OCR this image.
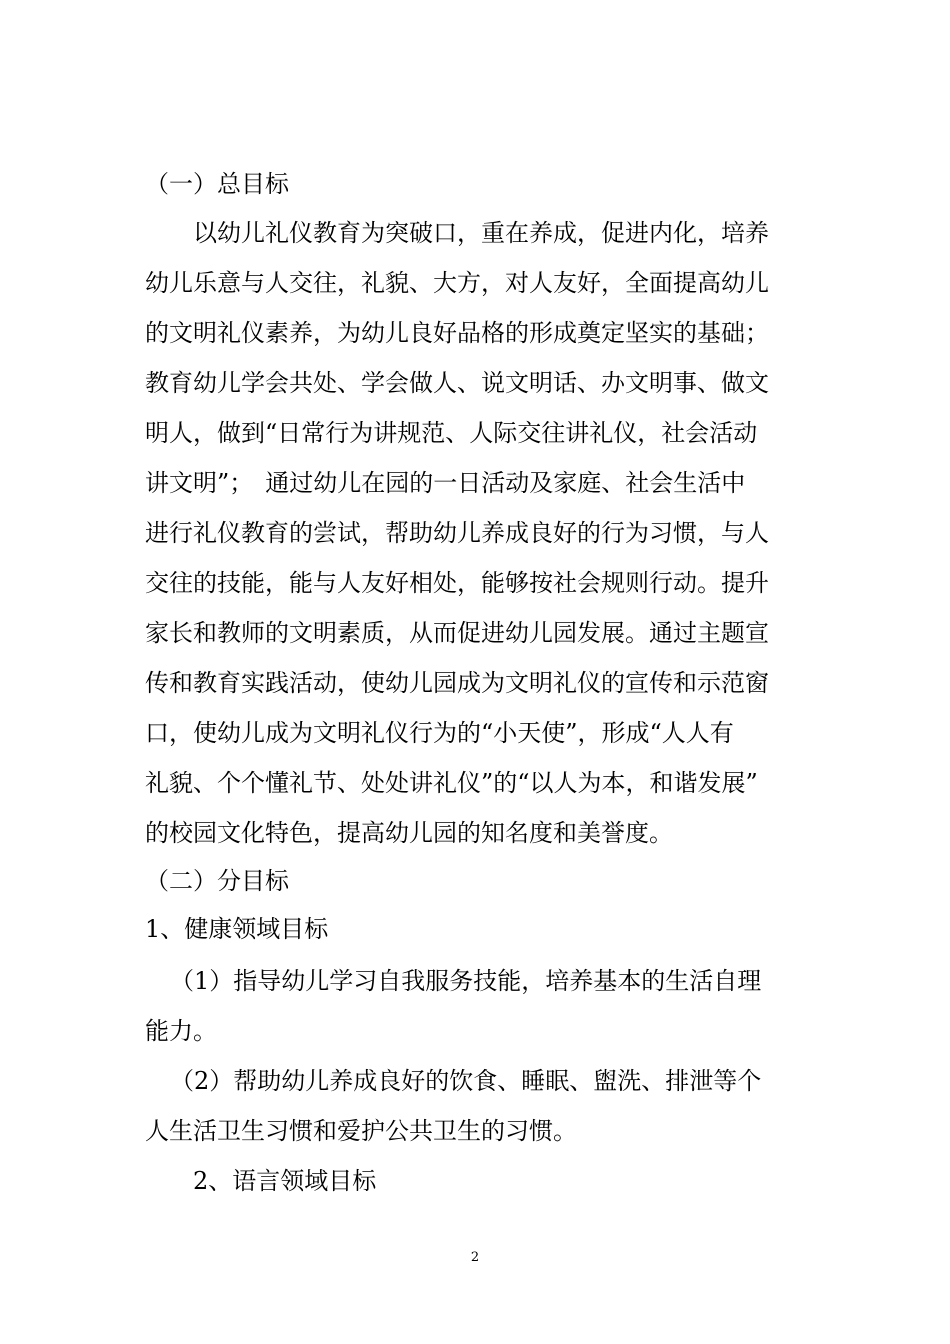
（一）总目标
以幼儿礼仪教育为突破口，重在养成，促进内化，培养
幼儿乐意与人交往，礼貌、大方，对人友好，全面提高幼儿
的文明礼仪素养，为幼儿良好品格的形成奠定坚实的基础；
教育幼儿学会共处、学会做人、说文明话、办文明事、做文
明人，做到“日常行为讲规范、人际交往讲礼仪，社会活动
讲文明”；　通过幼儿在园的一日活动及家庭、社会生活中
进行礼仪教育的尝试，帮助幼儿养成良好的行为习惯，与人
交往的技能，能与人友好相处，能够按社会规则行动。提升
家长和教师的文明素质，从而促进幼儿园发展。通过主题宣
传和教育实践活动，使幼儿园成为文明礼仪的宣传和示范窗
口，使幼儿成为文明礼仪行为的“小天使”，形成“人人有
礼貌、个个懂礼节、处处讲礼仪”的“以人为本，和谐发展”
的校园文化特色，提高幼儿园的知名度和美誉度。
（二）分目标
1、健康领域目标
（1）指导幼儿学习自我服务技能，培养基本的生活自理
能力。
（2）帮助幼儿养成良好的饮食、睡眠、盥洗、排泄等个
人生活卫生习惯和爱护公共卫生的习惯。
2、语言领域目标
2
